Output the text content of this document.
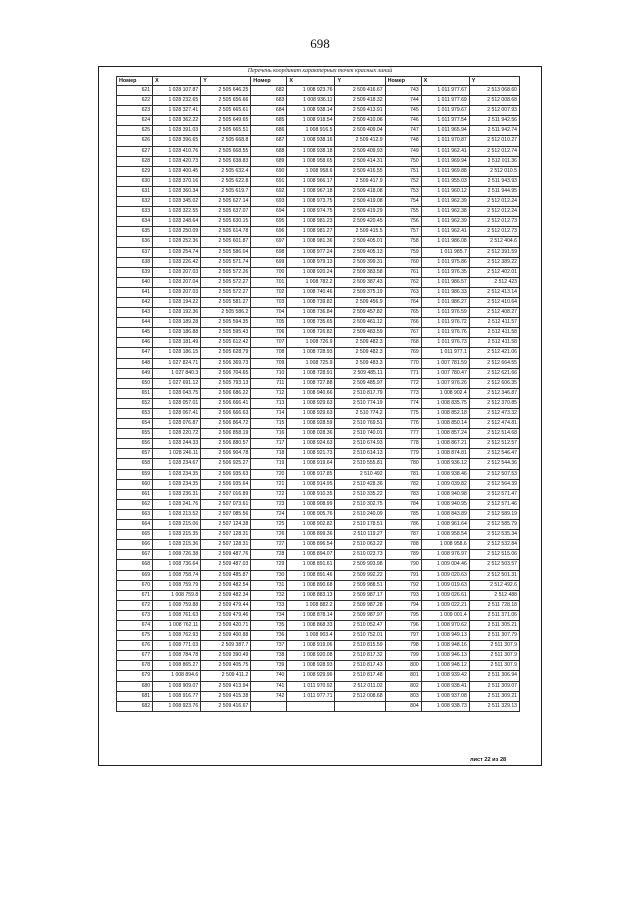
698
Перечень координат характерных точек красных линий
Номер	X	Y	Номер	X	Y	Номер	X	Y
621	1 028 107.87	2 505 646.25	682	1 008 923.76	2 509 416.67	743	1 011 977.67	2 513 068.60
622	1 028 232.65	2 505 656.66	683	1 008 936.11	2 509 418.32	744	1 011 977.69	2 512 008.68
623	1 028 327.41	2 505 665.61	684	1 008 938.14	2 509 413.91	745	1 011 979.67	2 512 007.93
624	1 028 362.22	2 505 649.65	685	1 008 918.54	2 509 410.06	746	1 011 977.54	2 511 942.56
625	1 028 391.03	2 505 665.51	686	1 008 916.5	2 509 409.04	747	1 011 965.94	2 511 942.74
626	1 028 396.65	2 505 668.8	687	1 008 938.16	2 509 412.9	748	1 011 970.87	2 512 010.27
627	1 028 410.76	2 505 668.55	688	1 008 938.18	2 509 409.93	749	1 011 962.41	2 512 012.74
628	1 028 420.73	2 505 638.83	689	1 008 958.65	2 509 414.31	750	1 011 969.94	2 512 011.36
629	1 028 400.45	2 505 632.4	690	1 008 958.6	2 509 416.55	751	1 011 969.88	2 512 010.5
630	1 028 370.16	2 505 622.8	691	1 008 966.17	2 509 417.9	752	1 011 955.03	2 511 943.93
631	1 028 360.34	2 505 619.7	692	1 008 967.18	2 509 418.08	753	1 011 960.12	2 511 944.95
632	1 028 345.02	2 505 627.14	693	1 008 973.75	2 509 419.08	754	1 011 962.39	2 512 012.24
633	1 028 322.55	2 505 637.07	694	1 008 974.75	2 509 419.29	755	1 011 962.38	2 512 012.24
634	1 028 248.64	2 505 630.15	695	1 008 981.23	2 509 420.45	756	1 011 962.39	2 512 012.73
635	1 028 250.09	2 505 614.78	696	1 008 981.27	2 509 415.5	757	1 011 962.41	2 512 012.73
636	1 028 252.36	2 505 601.87	697	1 008 981.36	2 509 405.01	758	1 011 986.08	2 512 404.6
637	1 028 254.74	2 505 586.04	698	1 008 977.24	2 509 405.13	759	1 011 985.7	2 512 391.59
638	1 028 226.42	2 505 571.74	699	1 008 979.13	2 509 399.31	760	1 011 975.86	2 512 389.22
639	1 028 207.03	2 505 572.26	700	1 008 920.24	2 509 383.58	761	1 011 976.35	2 512 402.01
640	1 028 207.04	2 505 572.27	701	1 008 782.2	2 509 387.43	762	1 011 986.57	2 512 423
641	1 028 207.03	2 505 572.27	702	1 008 740.46	2 509 375.19	763	1 011 986.33	2 512 413.14
642	1 028 194.22	2 505 581.27	703	1 008 739.82	2 509 456.9	764	1 011 986.27	2 512 410.64
643	1 028 192.36	2 505 586.2	704	1 008 736.84	2 509 457.82	765	1 011 976.59	2 512 408.27
644	1 028 189.28	2 505 594.35	705	1 008 735.65	2 509 461.12	766	1 011 976.72	2 512 411.57
645	1 028 186.88	2 505 595.43	706	1 008 726.82	2 509 483.59	767	1 011 976.76	2 512 411.58
646	1 028 181.49	2 505 612.42	707	1 008 726.9	2 509 482.3	768	1 011 976.73	2 512 411.58
647	1 028 186.15	2 505 628.79	708	1 008 728.93	2 509 482.3	769	1 011 977.1	2 512 421.06
648	1 027 824.71	2 506 369.73	709	1 008 725.9	2 509 483.3	770	1 007 781.59	2 512 664.55
649	1 027 840.3	2 506 704.65	710	1 008 728.91	2 509 485.11	771	1 007 780.47	2 512 621.66
650	1 027 691.12	2 505 793.13	711	1 008 727.88	2 509 485.97	772	1 007 976.26	2 512 606.35
651	1 028 043.75	2 506 686.22	712	1 008 940.66	2 510 817.79	773	1 008 902.4	2 512 346.87
652	1 028 057.01	2 506 666.41	713	1 008 929.63	2 510 774.19	774	1 008 835.75	2 512 370.85
653	1 028 067.41	2 506 666.63	714	1 008 929.63	2 510 774.2	775	1 008 852.18	2 512 473.32
654	1 028 076.87	2 506 864.72	715	1 008 928.59	2 510 769.51	776	1 008 850.14	2 512 474.81
655	1 028 220.72	2 506 858.19	716	1 008 028.36	2 510 740.01	777	1 008 857.24	2 512 514.68
656	1 028 244.33	2 506 880.57	717	1 008 924.63	2 510 674.93	778	1 008 867.21	2 512 512.57
657	1 028 246.11	2 506 904.78	718	1 008 921.73	2 510 614.13	779	1 008 874.81	2 512 546.47
658	1 028 234.67	2 506 925.27	719	1 008 919.64	2 510 555.81	780	1 008 936.12	2 512 544.36
659	1 028 234.35	2 506 935.63	720	1 008 917.85	2 510 492	781	1 008 938.46	2 512 507.53
660	1 028 234.35	2 506 935.64	721	1 008 914.95	2 510 428.36	782	1 009 039.82	2 512 564.39
661	1 028 236.31	2 507 016.89	722	1 008 910.35	2 510 335.22	783	1 008 940.98	2 512 571.47
662	1 028 241.76	2 507 073.61	723	1 008 908.99	2 510 302.75	784	1 008 940.95	2 512 571.46
663	1 028 213.52	2 507 085.56	724	1 008 905.76	2 510 240.09	785	1 008 843.89	2 512 589.19
664	1 028 215.06	2 507 124.38	725	1 008 902.82	2 510 178.51	786	1 008 961.64	2 512 585.79
665	1 028 215.35	2 507 128.31	726	1 008 899.36	2 510 119.27	787	1 008 958.54	2 512 535.34
666	1 028 215.36	2 507 128.31	727	1 008 896.54	2 510 063.22	788	1 008 958.6	2 512 532.84
667	1 008 726.38	2 509 487.76	728	1 008 894.07	2 510 023.73	789	1 008 976.97	2 512 515.06
668	1 008 736.64	2 509 487.03	729	1 008 891.61	2 509 993.98	790	1 009 004.46	2 512 503.57
669	1 008 758.74	2 509 485.87	730	1 008 891.46	2 509 992.22	791	1 009 020.63	2 512 501.31
670	1 008 759.79	2 509 482.54	731	1 008 890.68	2 509 988.51	792	1 009 019.63	2 512 492.6
671	1 008 759.8	2 509 482.34	732	1 008 883.13	2 509 987.17	793	1 009 026.61	2 512 488
672	1 008 759.88	2 509 479.44	733	1 008 882.2	2 509 987.28	794	1 009 022.21	2 511 728.18
673	1 008 761.63	2 509 479.46	734	1 008 878.14	2 509 987.97	795	1 009 001.4	2 511 371.06
674	1 008 762.11	2 509 420.71	735	1 008 868.33	2 510 052.47	796	1 008 970.62	2 511 305.21
675	1 008 762.93	2 509 400.88	736	1 008 903.4	2 510 752.01	797	1 008 949.13	2 511 307.79
676	1 008 771.03	2 509 387.7	737	1 008 919.06	2 510 815.59	798	1 008 948.16	2 511 307.9
677	1 008 784.78	2 509 390.49	738	1 008 920.08	2 510 817.32	799	1 008 946.13	2 511 307.9
678	1 008 865.27	2 509 405.75	739	1 008 928.93	2 510 817.43	800	1 008 948.12	2 511 307.9
679	1 008 894.6	2 509 411.2	740	1 008 929.96	2 510 817.48	801	1 008 939.42	2 511 306.94
680	1 008 909.07	2 509 413.94	741	1 011 970.92	2 512 011.02	802	1 008 938.41	2 511 309.07
681	1 008 916.77	2 509 415.38	742	1 011 977.71	2 512 008.68	803	1 008 937.08	2 511 309.21
682	1 008 923.76	2 509 416.67				804	1 008 938.73	2 511 329.13
лист 22 из 28
